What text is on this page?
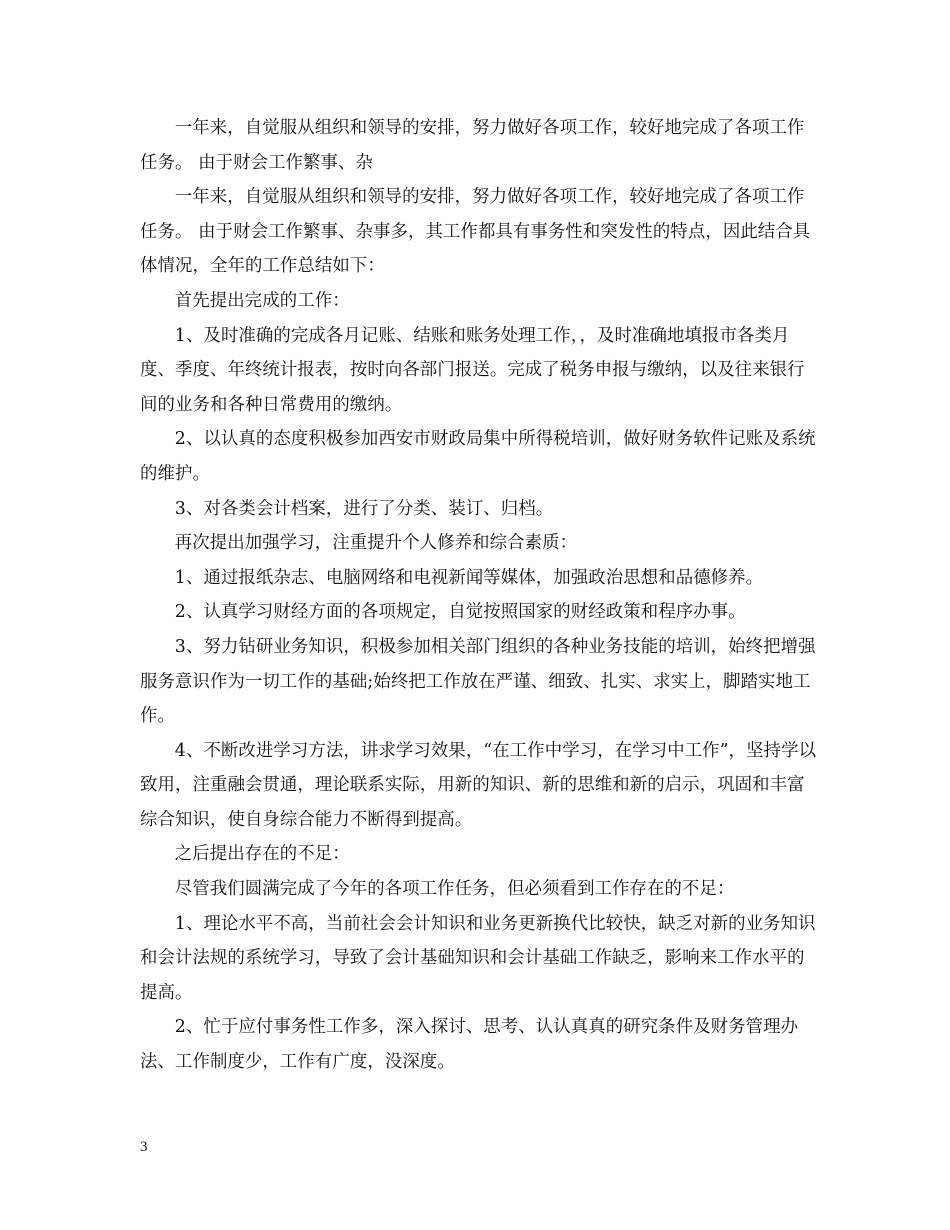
一年来，自觉服从组织和领导的安排，努力做好各项工作，较好地完成了各项工作任务。 由于财会工作繁事、杂

一年来，自觉服从组织和领导的安排，努力做好各项工作，较好地完成了各项工作任务。 由于财会工作繁事、杂事多，其工作都具有事务性和突发性的特点，因此结合具体情况，全年的工作总结如下：

首先提出完成的工作：

1、及时准确的完成各月记账、结账和账务处理工作，，及时准确地填报市各类月度、季度、年终统计报表，按时向各部门报送。完成了税务申报与缴纳，以及往来银行间的业务和各种日常费用的缴纳。

2、以认真的态度积极参加西安市财政局集中所得税培训，做好财务软件记账及系统的维护。

3、对各类会计档案，进行了分类、装订、归档。

再次提出加强学习，注重提升个人修养和综合素质：

1、通过报纸杂志、电脑网络和电视新闻等媒体，加强政治思想和品德修养。

2、认真学习财经方面的各项规定，自觉按照国家的财经政策和程序办事。

3、努力钻研业务知识，积极参加相关部门组织的各种业务技能的培训，始终把增强服务意识作为一切工作的基础;始终把工作放在严谨、细致、扎实、求实上，脚踏实地工作。

4、不断改进学习方法，讲求学习效果，“在工作中学习，在学习中工作”，坚持学以致用，注重融会贯通，理论联系实际，用新的知识、新的思维和新的启示，巩固和丰富综合知识，使自身综合能力不断得到提高。

之后提出存在的不足：

尽管我们圆满完成了今年的各项工作任务，但必须看到工作存在的不足：

1、理论水平不高，当前社会会计知识和业务更新换代比较快，缺乏对新的业务知识和会计法规的系统学习，导致了会计基础知识和会计基础工作缺乏，影响来工作水平的提高。

2、忙于应付事务性工作多，深入探讨、思考、认认真真的研究条件及财务管理办法、工作制度少，工作有广度，没深度。

3
